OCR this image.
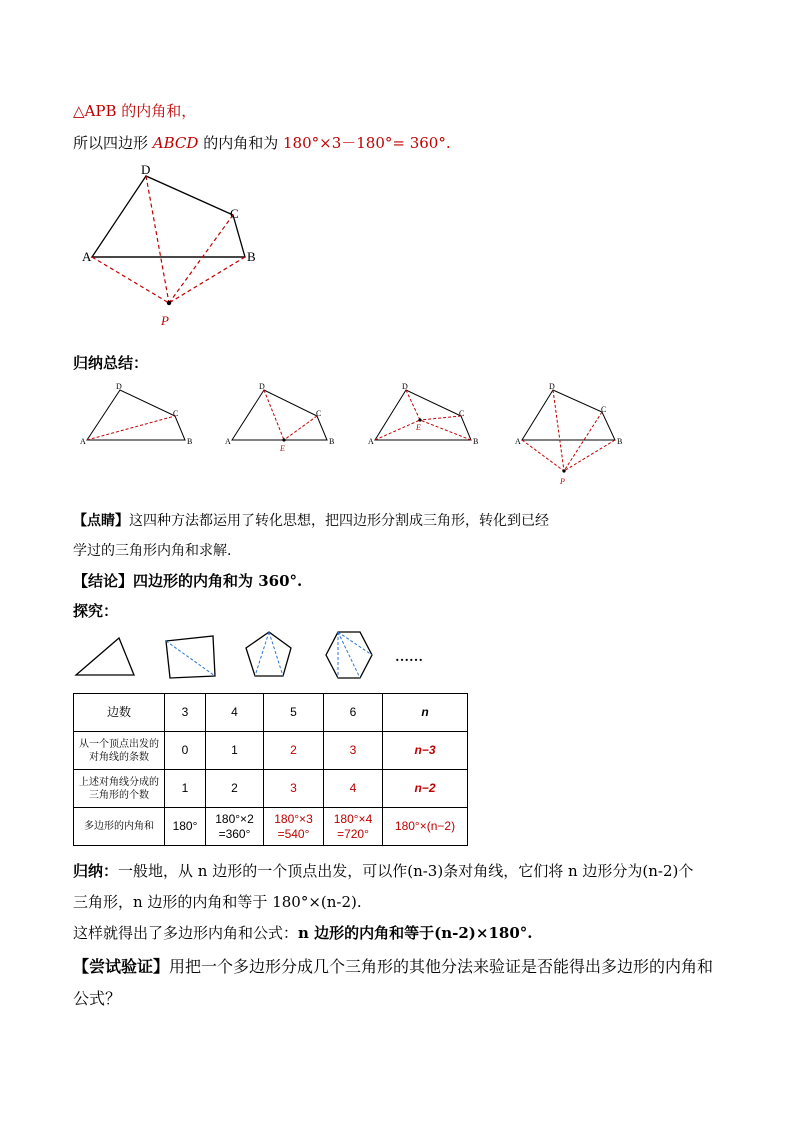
△APB 的内角和，
所以四边形 ABCD 的内角和为 180°×3－180°= 360°.
A	B
C
D
P
归纳总结：
A	B
C
D
A	B
C
D
E
A	B
C
D
E
A	B
C
D
P
【点睛】这四种方法都运用了转化思想，把四边形分割成三角形，转化到已经
学过的三角形内角和求解.
【结论】四边形的内角和为 360°.
探究：
……
边数	3	4	5	6	n
从一个顶点出发的对角线的条数	0	1	2	3	n−3
上述对角线分成的三角形的个数	1	2	3	4	n−2
多边形的内角和	180°	180°×2 =360°	180°×3 =540°	180°×4 =720°	180°×(n−2)
归纳：一般地，从 n 边形的一个顶点出发，可以作(n-3)条对角线，它们将 n 边形分为(n-2)个
三角形，n 边形的内角和等于 180°×(n-2).
这样就得出了多边形内角和公式：n 边形的内角和等于(n-2)×180°.
【尝试验证】用把一个多边形分成几个三角形的其他分法来验证是否能得出多边形的内角和
公式？
